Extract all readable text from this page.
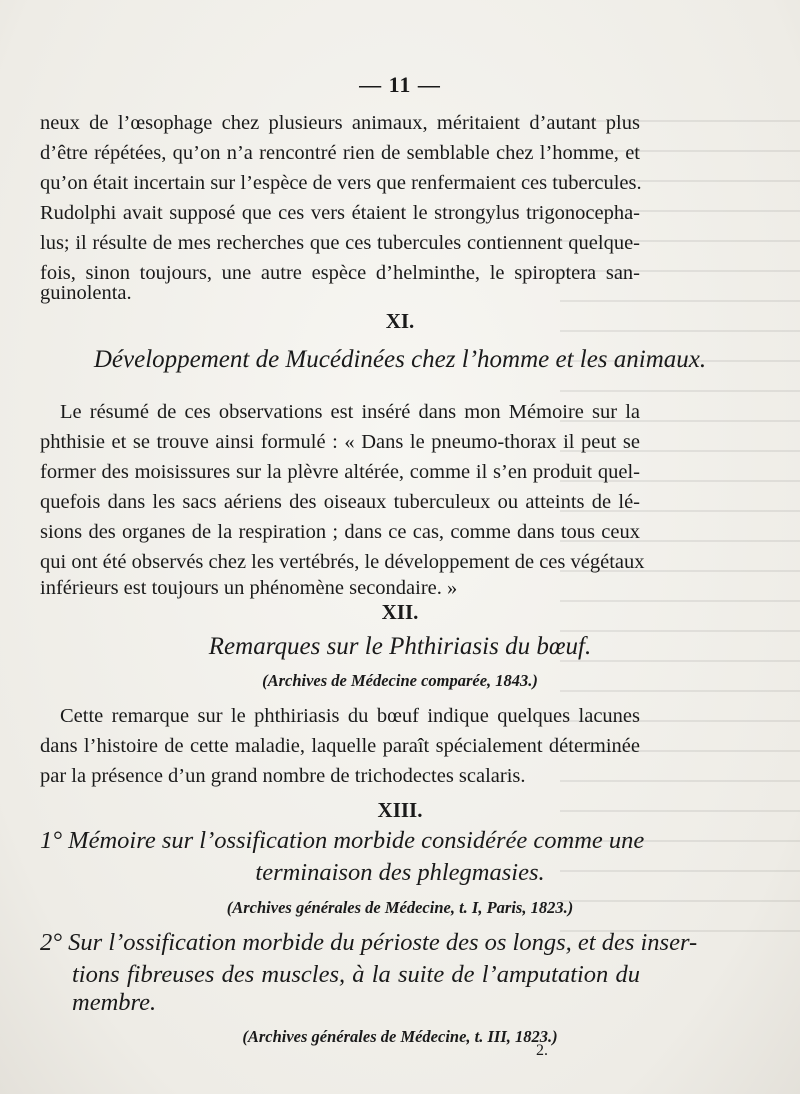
— 11 —
neux de l’œsophage chez plusieurs animaux, méritaient d’autant plus
d’être répétées, qu’on n’a rencontré rien de semblable chez l’homme, et
qu’on était incertain sur l’espèce de vers que renfermaient ces tubercules.
Rudolphi avait supposé que ces vers étaient le strongylus trigonocepha-
lus; il résulte de mes recherches que ces tubercules contiennent quelque-
fois, sinon toujours, une autre espèce d’helminthe, le spiroptera san-
guinolenta.
XI.
Développement de Mucédinées chez l’homme et les animaux.
Le résumé de ces observations est inséré dans mon Mémoire sur la
phthisie et se trouve ainsi formulé : « Dans le pneumo-thorax il peut se
former des moisissures sur la plèvre altérée, comme il s’en produit quel-
quefois dans les sacs aériens des oiseaux tuberculeux ou atteints de lé-
sions des organes de la respiration ; dans ce cas, comme dans tous ceux
qui ont été observés chez les vertébrés, le développement de ces végétaux
inférieurs est toujours un phénomène secondaire. »
XII.
Remarques sur le Phthiriasis du bœuf.
(Archives de Médecine comparée, 1843.)
Cette remarque sur le phthiriasis du bœuf indique quelques lacunes
dans l’histoire de cette maladie, laquelle paraît spécialement déterminée
par la présence d’un grand nombre de trichodectes scalaris.
XIII.
1° Mémoire sur l’ossification morbide considérée comme une
terminaison des phlegmasies.
(Archives générales de Médecine, t. I, Paris, 1823.)
2° Sur l’ossification morbide du périoste des os longs, et des inser-
tions fibreuses des muscles, à la suite de l’amputation du
membre.
(Archives générales de Médecine, t. III, 1823.)
2.
